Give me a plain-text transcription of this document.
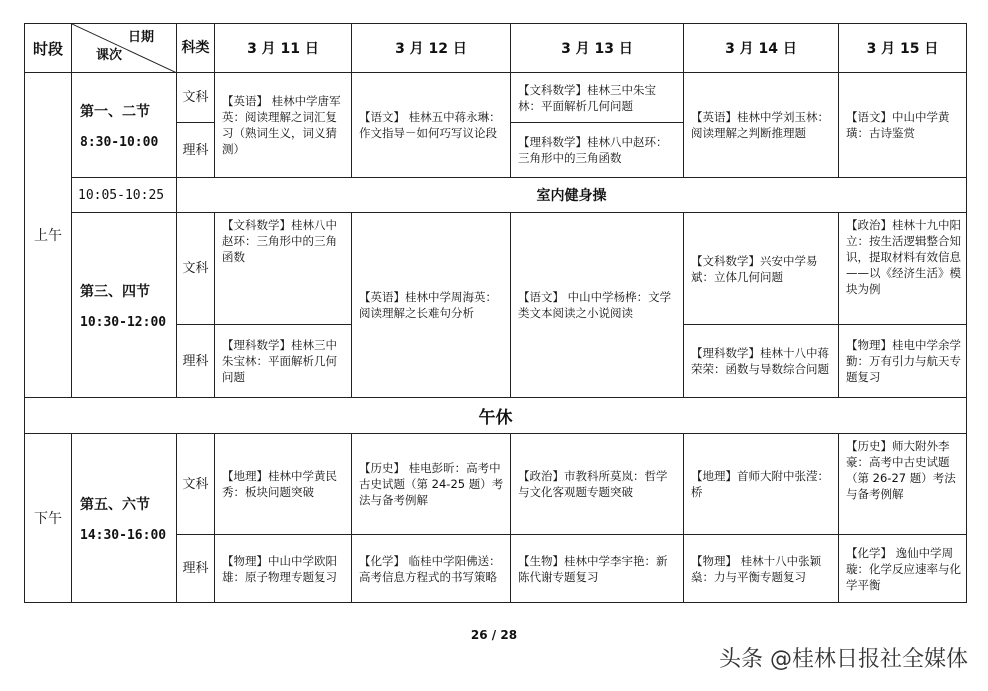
时段	日期
课次	科类	3 月 11 日	3 月 12 日	3 月 13 日	3 月 14 日	3 月 15 日
上午	第一、二节
8:30-10:00	文科	【英语】 桂林中学唐军英：阅读理解之词汇复习（熟词生义，词义猜测）	【语文】 桂林五中蒋永琳：作文指导－如何巧写议论段	【文科数学】桂林三中朱宝林：平面解析几何问题	【英语】桂林中学刘玉林：阅读理解之判断推理题	【语文】中山中学黄璜：古诗鉴赏
		理科			【理科数学】桂林八中赵环：三角形中的三角函数		
	10:05-10:25	室内健身操					
	第三、四节
10:30-12:00	文科	【文科数学】桂林八中赵环：三角形中的三角函数	【英语】桂林中学周海英：阅读理解之长难句分析	【语文】 中山中学杨桦：文学类文本阅读之小说阅读	【文科数学】兴安中学易斌：立体几何问题	【政治】桂林十九中阳立：按生活逻辑整合知识，提取材料有效信息——以《经济生活》模块为例
		理科	【理科数学】桂林三中朱宝林：平面解析几何问题			【理科数学】桂林十八中蒋荣荣：函数与导数综合问题	【物理】桂电中学余学勤：万有引力与航天专题复习

午休							
下午	第五、六节
14:30-16:00	文科	【地理】桂林中学黄民秀：板块问题突破	【历史】 桂电彭昕：高考中古史试题（第 24-25 题）考法与备考例解	【政治】市教科所莫岚：哲学与文化客观题专题突破	【地理】首师大附中张滢：桥	【历史】师大附外李豪：高考中古史试题（第 26-27 题）考法与备考例解
		理科	【物理】中山中学欧阳雄：原子物理专题复习	【化学】 临桂中学阳佛送：高考信息方程式的书写策略	【生物】桂林中学李宇艳：新陈代谢专题复习	【物理】 桂林十八中张颖燊：力与平衡专题复习	【化学】 逸仙中学周璇：化学反应速率与化学平衡
26 / 28
头条 @桂林日报社全媒体
